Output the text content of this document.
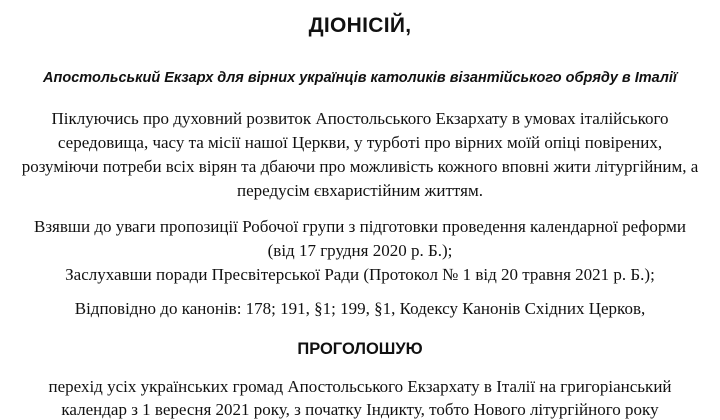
ДІОНІСІЙ,
Апостольський Екзарх для вірних українців католиків візантійського обряду в Італії
Піклуючись про духовний розвиток Апостольського Екзархату в умовах італійського
середовища, часу та місії нашої Церкви, у турботі про вірних моїй опіці повірених,
розуміючи потреби всіх вірян та дбаючи про можливість кожного вповні жити літургійним, а
передусім євхаристійним життям.
Взявши до уваги пропозиції Робочої групи з підготовки проведення календарної реформи
(від 17 грудня 2020 р. Б.);
Заслухавши поради Пресвітерської Ради (Протокол № 1 від 20 травня 2021 р. Б.);
Відповідно до канонів: 178; 191, §1; 199, §1, Кодексу Канонів Східних Церков,
ПРОГОЛОШУЮ
перехід усіх українських громад Апостольського Екзархату в Італії на григоріанський
календар з 1 вересня 2021 року, з початку Індикту, тобто Нового літургійного року
